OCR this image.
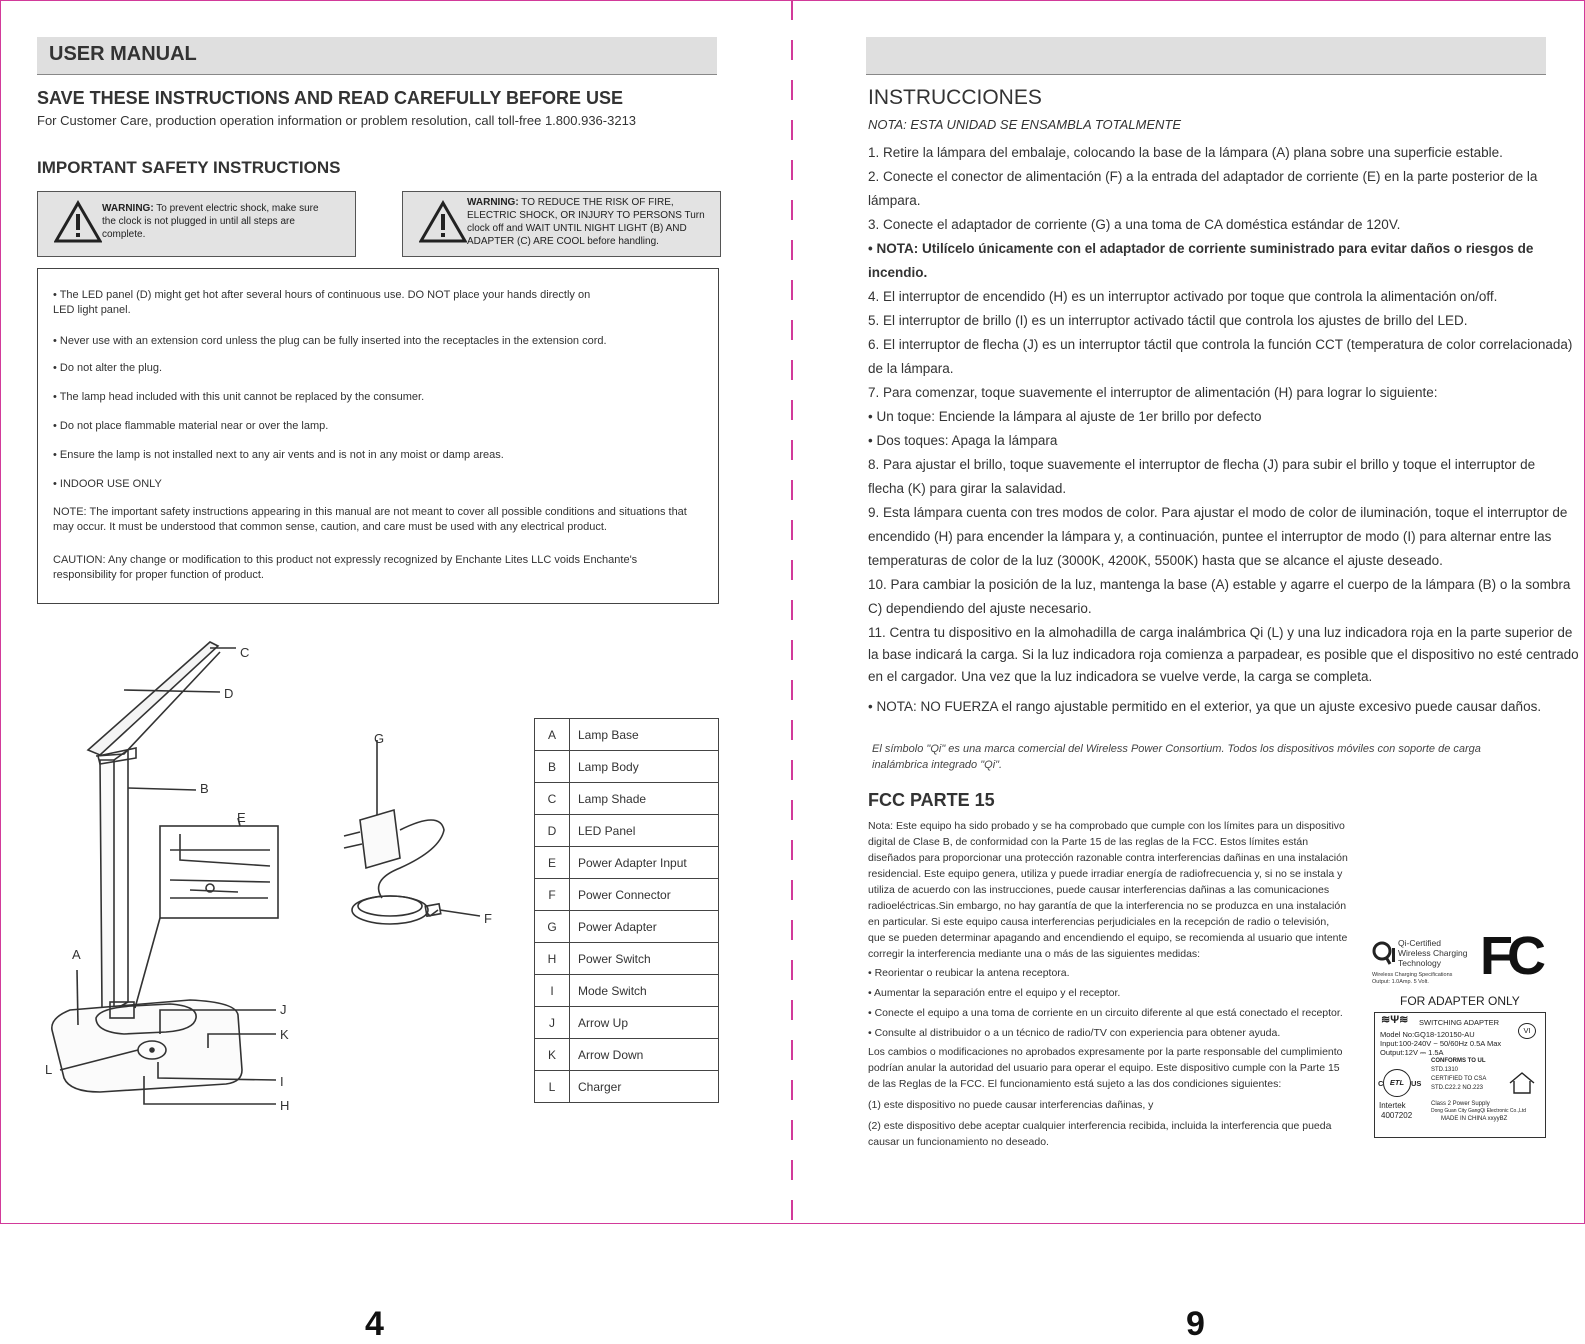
USER MANUAL
SAVE THESE INSTRUCTIONS AND READ CAREFULLY BEFORE USE
For Customer Care, production operation information or problem resolution, call toll-free 1.800.936-3213
IMPORTANT SAFETY INSTRUCTIONS
WARNING: To prevent electric shock, make sure the clock is not plugged in until all steps are complete.
WARNING: TO REDUCE THE RISK OF FIRE, ELECTRIC SHOCK, OR INJURY TO PERSONS Turn clock off and WAIT UNTIL NIGHT LIGHT (B) AND ADAPTER (C) ARE COOL before handling.

• The LED panel (D) might get hot after several hours of continuous use. DO NOT place your hands directly on LED light panel.

• Never use with an extension cord unless the plug can be fully inserted into the receptacles in the extension cord.

• Do not alter the plug.

• The lamp head included with this unit cannot be replaced by the consumer.

• Do not place flammable material near or over the lamp.

• Ensure the lamp is not installed next to any air vents and is not in any moist or damp areas.

• INDOOR USE ONLY

NOTE: The important safety instructions appearing in this manual are not meant to cover all possible conditions and situations that may occur. It must be understood that common sense, caution, and care must be used with any electrical product.

CAUTION: Any change or modification to this product not expressly recognized by Enchante Lites LLC voids Enchante's responsibility for proper function of product.

C
D
B
E
A
J
K
L
I
H
G
F
A	Lamp Base
B	Lamp Body
C	Lamp Shade
D	LED Panel
E	Power Adapter Input
F	Power Connector
G	Power Adapter
H	Power Switch
I	Mode Switch
J	Arrow Up
K	Arrow Down
L	Charger
4
INSTRUCCIONES
NOTA: ESTA UNIDAD SE ENSAMBLA TOTALMENTE
1. Retire la lámpara del embalaje, colocando la base de la lámpara (A) plana sobre una superficie estable.
2. Conecte el conector de alimentación (F) a la entrada del adaptador de corriente (E) en la parte posterior de la
lámpara.
3. Conecte el adaptador de corriente (G) a una toma de CA doméstica estándar de 120V.
• NOTA: Utilícelo únicamente con el adaptador de corriente suministrado para evitar daños o riesgos de
incendio.
4. El interruptor de encendido (H) es un interruptor activado por toque que controla la alimentación on/off.
5. El interruptor de brillo (I) es un interruptor activado táctil que controla los ajustes de brillo del LED.
6. El interruptor de flecha (J) es un interruptor táctil que controla la función CCT (temperatura de color correlacionada)
de la lámpara.
7. Para comenzar, toque suavemente el interruptor de alimentación (H) para lograr lo siguiente:
• Un toque: Enciende la lámpara al ajuste de 1er brillo por defecto
• Dos toques: Apaga la lámpara
8. Para ajustar el brillo, toque suavemente el interruptor de flecha (J) para subir el brillo y toque el interruptor de
flecha (K) para girar la salavidad.
9. Esta lámpara cuenta con tres modos de color. Para ajustar el modo de color de iluminación, toque el interruptor de
encendido (H) para encender la lámpara y, a continuación, puntee el interruptor de modo (I) para alternar entre las
temperaturas de color de la luz (3000K, 4200K, 5500K) hasta que se alcance el ajuste deseado.
10. Para cambiar la posición de la luz, mantenga la base (A) estable y agarre el cuerpo de la lámpara (B) o la sombra
C) dependiendo del ajuste necesario.
11. Centra tu dispositivo en la almohadilla de carga inalámbrica Qi (L) y una luz indicadora roja en la parte superior de
la base indicará la carga. Si la luz indicadora roja comienza a parpadear, es posible que el dispositivo no esté centrado
en el cargador. Una vez que la luz indicadora se vuelve verde, la carga se completa.
• NOTA: NO FUERZA el rango ajustable permitido en el exterior, ya que un ajuste excesivo puede causar daños.
El símbolo "Qi" es una marca comercial del Wireless Power Consortium. Todos los dispositivos móviles con soporte de carga inalámbrica integrado "Qi".
FCC PARTE 15
Nota: Este equipo ha sido probado y se ha comprobado que cumple con los límites para un dispositivo digital de Clase B, de conformidad con la Parte 15 de las reglas de la FCC. Estos límites están diseñados para proporcionar una protección razonable contra interferencias dañinas en una instalación residencial. Este equipo genera, utiliza y puede irradiar energía de radiofrecuencia y, si no se instala y utiliza de acuerdo con las instrucciones, puede causar interferencias dañinas a las comunicaciones radioeléctricas.Sin embargo, no hay garantía de que la interferencia no se produzca en una instalación en particular. Si este equipo causa interferencias perjudiciales en la recepción de radio o televisión, que se pueden determinar apagando and encendiendo el equipo, se recomienda al usuario que intente corregir la interferencia mediante una o más de las siguientes medidas:
• Reorientar o reubicar la antena receptora.
• Aumentar la separación entre el equipo y el receptor.
• Conecte el equipo a una toma de corriente en un circuito diferente al que está conectado el receptor.
• Consulte al distribuidor o a un técnico de radio/TV con experiencia para obtener ayuda.
Los cambios o modificaciones no aprobados expresamente por la parte responsable del cumplimiento podrían anular la autoridad del usuario para operar el equipo. Este dispositivo cumple con la Parte 15 de las Reglas de la FCC. El funcionamiento está sujeto a las dos condiciones siguientes:
(1) este dispositivo no puede causar interferencias dañinas, y
(2) este dispositivo debe aceptar cualquier interferencia recibida, incluida la interferencia que pueda causar un funcionamiento no deseado.
Qi-Certified
Wireless Charging
Technology
Wireless Charging Specifications
Output: 1.0Amp. 5 Volt. FC
FOR ADAPTER ONLY
≋Ψ≋ SWITCHING ADAPTER
Model No:GQ18-120150-AU
Input:100-240V ~ 50/60Hz 0.5A Max
Output:12V ⎓ 1.5A
VI
ETL
C	US
CONFORMS TO UL
STD.1310
CERTIFIED TO CSA
STD.C22.2 NO.223
Intertek
4007202
Class 2 Power Supply
Dong Guan City GangQi Electronic Co.,Ltd
MADE IN CHINA xxyyBZ
9
